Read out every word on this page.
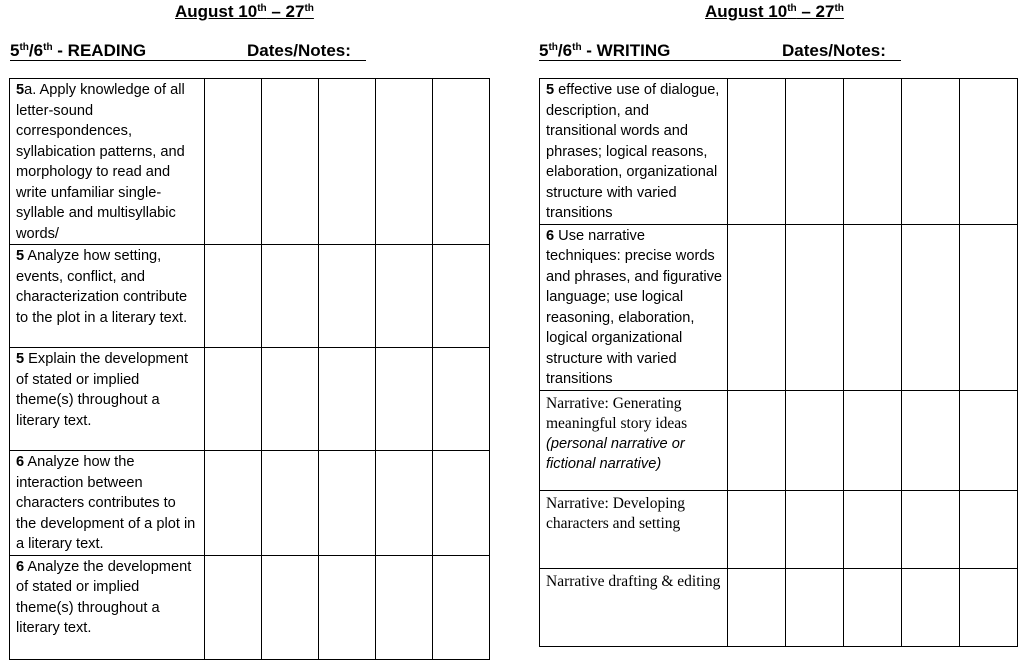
August 10th – 27th
5th/6th - READING	Dates/Notes:
August 10th – 27th
5th/6th - WRITING	Dates/Notes:
5a. Apply knowledge of all letter-sound correspondences, syllabication patterns, and morphology to read and write unfamiliar single-syllable and multisyllabic words/					
5 Analyze how setting, events, conflict, and characterization contribute to the plot in a literary text.					
5 Explain the development of stated or implied theme(s) throughout a literary text.					
6 Analyze how the interaction between characters contributes to the development of a plot in a literary text.					
6 Analyze the development of stated or implied theme(s) throughout a literary text.					
5 effective use of dialogue, description, and transitional words and phrases; logical reasons, elaboration, organizational structure with varied transitions					
6 Use narrative techniques: precise words and phrases, and figurative language; use logical reasoning, elaboration, logical organizational structure with varied transitions					
Narrative: Generating meaningful story ideas
(personal narrative or fictional narrative)					
Narrative: Developing characters and setting					
Narrative drafting & editing					
